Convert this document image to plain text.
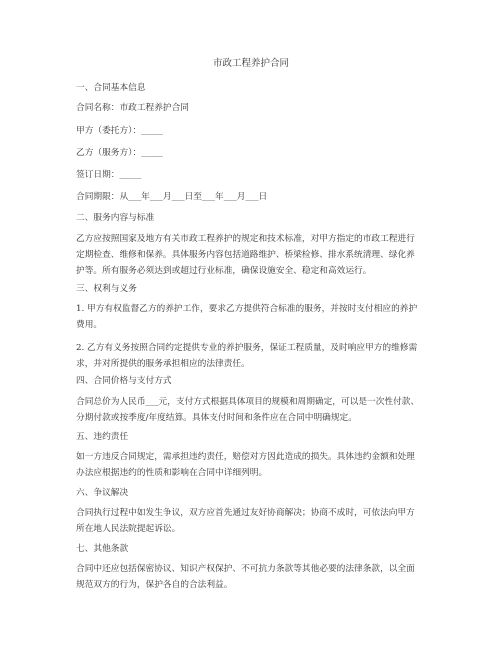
市政工程养护合同
一、合同基本信息
合同名称：市政工程养护合同
甲方（委托方）：_____
乙方（服务方）：_____
签订日期：_____
合同期限：从___年___月___日至___年___月___日
二、服务内容与标准
乙方应按照国家及地方有关市政工程养护的规定和技术标准，对甲方指定的市政工程进行
定期检查、维修和保养。具体服务内容包括道路维护、桥梁检修、排水系统清理、绿化养
护等。所有服务必须达到或超过行业标准，确保设施安全、稳定和高效运行。
三、权利与义务
1. 甲方有权监督乙方的养护工作，要求乙方提供符合标准的服务，并按时支付相应的养护
费用。
2. 乙方有义务按照合同约定提供专业的养护服务，保证工程质量，及时响应甲方的维修需
求，并对所提供的服务承担相应的法律责任。
四、合同价格与支付方式
合同总价为人民币___元，支付方式根据具体项目的规模和周期确定，可以是一次性付款、
分期付款或按季度/年度结算。具体支付时间和条件应在合同中明确规定。
五、违约责任
如一方违反合同规定，需承担违约责任，赔偿对方因此造成的损失。具体违约金额和处理
办法应根据违约的性质和影响在合同中详细列明。
六、争议解决
合同执行过程中如发生争议，双方应首先通过友好协商解决；协商不成时，可依法向甲方
所在地人民法院提起诉讼。
七、其他条款
合同中还应包括保密协议、知识产权保护、不可抗力条款等其他必要的法律条款，以全面
规范双方的行为，保护各自的合法利益。
